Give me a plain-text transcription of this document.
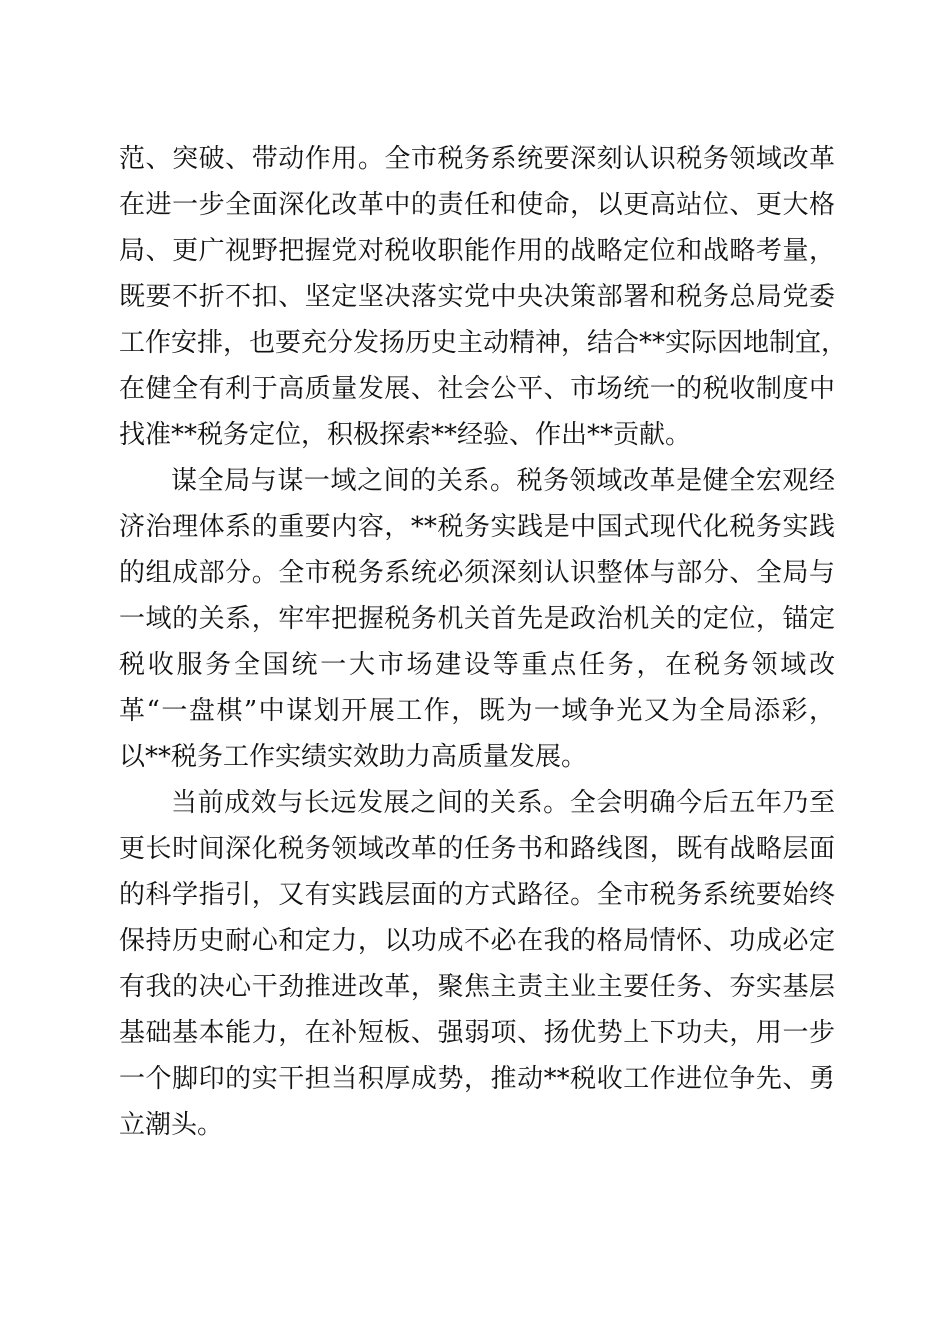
范、突破、带动作用。全市税务系统要深刻认识税务领域改革
在进一步全面深化改革中的责任和使命，以更高站位、更大格
局、更广视野把握党对税收职能作用的战略定位和战略考量，
既要不折不扣、坚定坚决落实党中央决策部署和税务总局党委
工作安排，也要充分发扬历史主动精神，结合**实际因地制宜，
在健全有利于高质量发展、社会公平、市场统一的税收制度中
找准**税务定位，积极探索**经验、作出**贡献。
谋全局与谋一域之间的关系。税务领域改革是健全宏观经
济治理体系的重要内容，**税务实践是中国式现代化税务实践
的组成部分。全市税务系统必须深刻认识整体与部分、全局与
一域的关系，牢牢把握税务机关首先是政治机关的定位，锚定
税收服务全国统一大市场建设等重点任务，在税务领域改
革“一盘棋”中谋划开展工作，既为一域争光又为全局添彩，
以**税务工作实绩实效助力高质量发展。
当前成效与长远发展之间的关系。全会明确今后五年乃至
更长时间深化税务领域改革的任务书和路线图，既有战略层面
的科学指引，又有实践层面的方式路径。全市税务系统要始终
保持历史耐心和定力，以功成不必在我的格局情怀、功成必定
有我的决心干劲推进改革，聚焦主责主业主要任务、夯实基层
基础基本能力，在补短板、强弱项、扬优势上下功夫，用一步
一个脚印的实干担当积厚成势，推动**税收工作进位争先、勇
立潮头。
